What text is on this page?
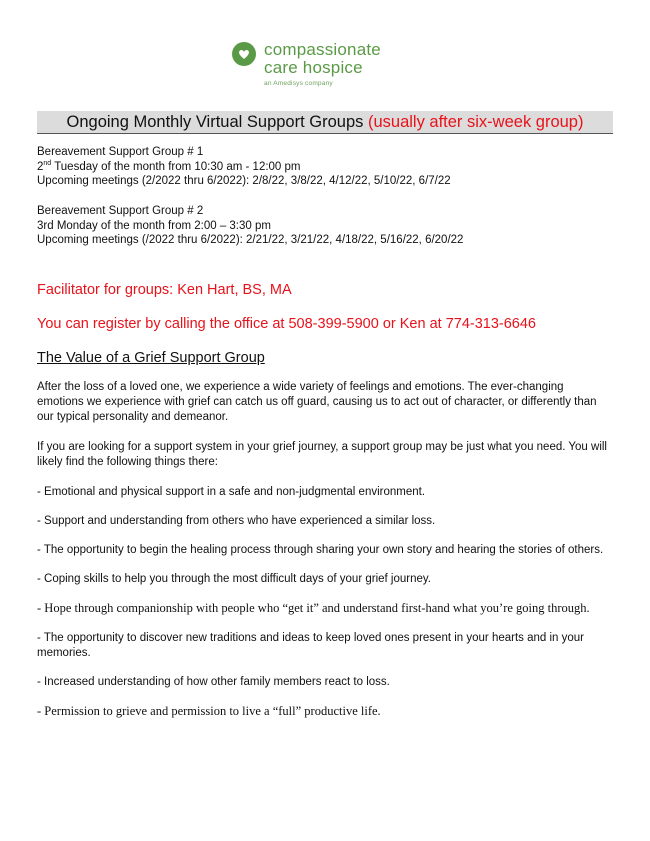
compassionate
care hospice
an Amedisys company
Ongoing Monthly Virtual Support Groups (usually after six-week group)
Bereavement Support Group # 1
2nd Tuesday of the month from 10:30 am - 12:00 pm
Upcoming meetings (2/2022 thru 6/2022): 2/8/22, 3/8/22, 4/12/22, 5/10/22, 6/7/22
Bereavement Support Group # 2
3rd Monday of the month from 2:00 – 3:30 pm
Upcoming meetings (/2022 thru 6/2022): 2/21/22, 3/21/22, 4/18/22, 5/16/22, 6/20/22
Facilitator for groups: Ken Hart, BS, MA
You can register by calling the office at 508-399-5900 or Ken at 774-313-6646
The Value of a Grief Support Group
After the loss of a loved one, we experience a wide variety of feelings and emotions. The ever-changing emotions we experience with grief can catch us off guard, causing us to act out of character, or differently than our typical personality and demeanor.
If you are looking for a support system in your grief journey, a support group may be just what you need. You will likely find the following things there:
- Emotional and physical support in a safe and non-judgmental environment.
- Support and understanding from others who have experienced a similar loss.
- The opportunity to begin the healing process through sharing your own story and hearing the stories of others.
- Coping skills to help you through the most difficult days of your grief journey.
- Hope through companionship with people who “get it” and understand first-hand what you’re going through.
- The opportunity to discover new traditions and ideas to keep loved ones present in your hearts and in your memories.
- Increased understanding of how other family members react to loss.
- Permission to grieve and permission to live a “full” productive life.
